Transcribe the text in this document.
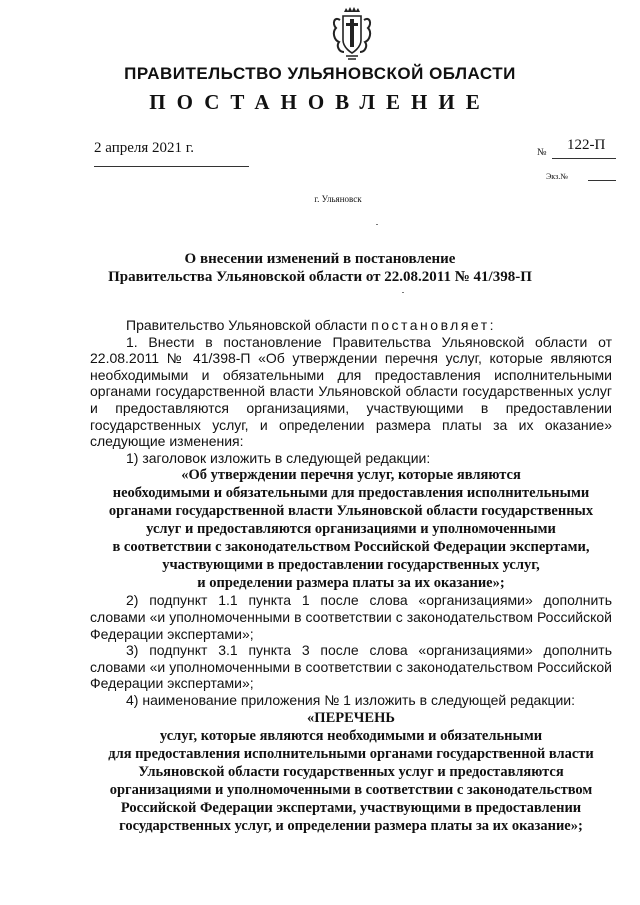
ПРАВИТЕЛЬСТВО УЛЬЯНОВСКОЙ ОБЛАСТИ
ПОСТАНОВЛЕНИЕ
2 апреля 2021 г.	№ 122-П
Экз.№
г. Ульяновск
О внесении изменений в постановление
Правительства Ульяновской области от 22.08.2011 № 41/398-П

Правительство Ульяновской области постановляет:

1. Внести в постановление Правительства Ульяновской области от 22.08.2011 № 41/398-П «Об утверждении перечня услуг, которые являются необходимыми и обязательными для предоставления исполнительными органами государственной власти Ульяновской области государственных услуг и предоставляются организациями, участвующими в предоставлении государственных услуг, и определении размера платы за их оказание» следующие изменения:

1) заголовок изложить в следующей редакции:

«Об утверждении перечня услуг, которые являются
необходимыми и обязательными для предоставления исполнительными
органами государственной власти Ульяновской области государственных
услуг и предоставляются организациями и уполномоченными
в соответствии с законодательством Российской Федерации экспертами,
участвующими в предоставлении государственных услуг,
и определении размера платы за их оказание»;

2) подпункт 1.1 пункта 1 после слова «организациями» дополнить словами «и уполномоченными в соответствии с законодательством Российской Федерации экспертами»;

3) подпункт 3.1 пункта 3 после слова «организациями» дополнить словами «и уполномоченными в соответствии с законодательством Российской Федерации экспертами»;

4) наименование приложения № 1 изложить в следующей редакции:

«ПЕРЕЧЕНЬ
услуг, которые являются необходимыми и обязательными
для предоставления исполнительными органами государственной власти
Ульяновской области государственных услуг и предоставляются
организациями и уполномоченными в соответствии с законодательством
Российской Федерации экспертами, участвующими в предоставлении
государственных услуг, и определении размера платы за их оказание»;
